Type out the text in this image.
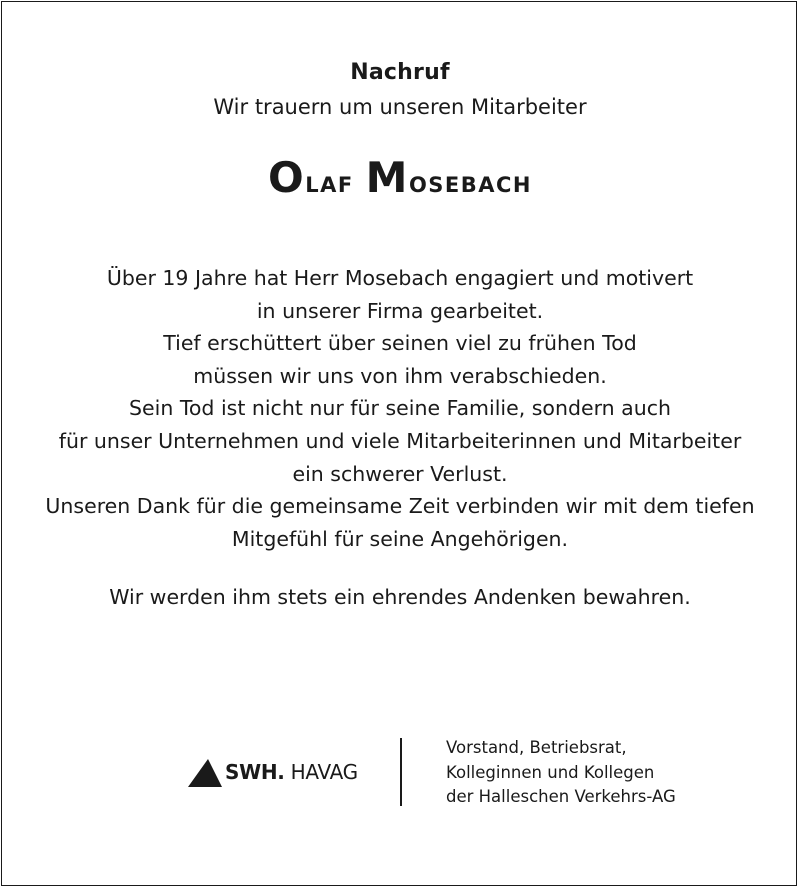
Nachruf
Wir trauern um unseren Mitarbeiter
Olaf Mosebach
Über 19 Jahre hat Herr Mosebach engagiert und motivert
in unserer Firma gearbeitet.
Tief erschüttert über seinen viel zu frühen Tod
müssen wir uns von ihm verabschieden.
Sein Tod ist nicht nur für seine Familie, sondern auch
für unser Unternehmen und viele Mitarbeiterinnen und Mitarbeiter
ein schwerer Verlust.
Unseren Dank für die gemeinsame Zeit verbinden wir mit dem tiefen
Mitgefühl für seine Angehörigen.
Wir werden ihm stets ein ehrendes Andenken bewahren.
SWH. HAVAG
Vorstand, Betriebsrat,
Kolleginnen und Kollegen
der Halleschen Verkehrs-AG
